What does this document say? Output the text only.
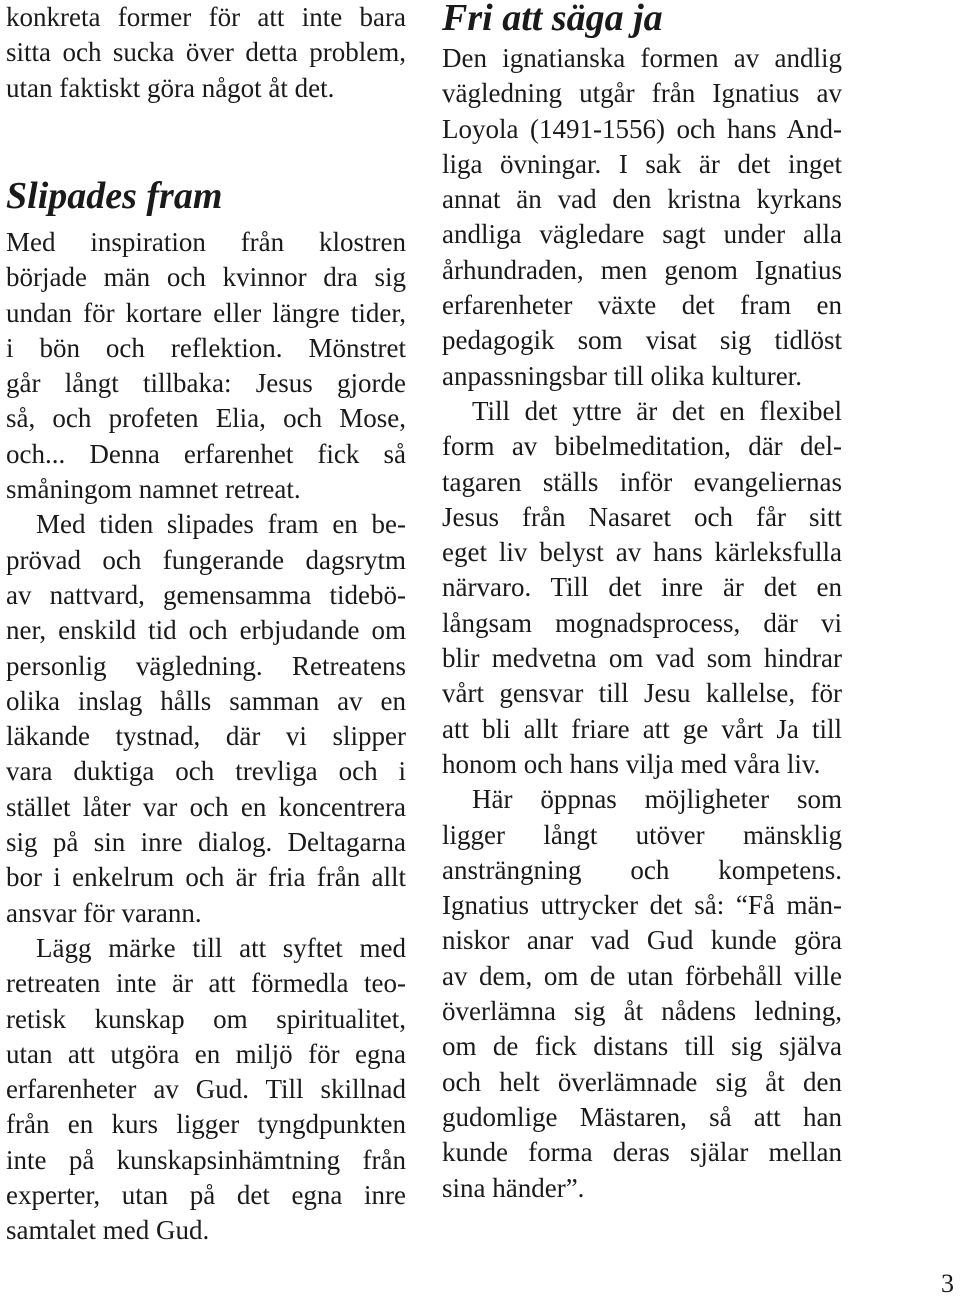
konkreta former för att inte bara
sitta och sucka över detta problem,
utan faktiskt göra något åt det.
Slipades fram
Med inspiration från klostren
började män och kvinnor dra sig
undan för kortare eller längre tider,
i bön och reflektion. Mönstret
går långt tillbaka: Jesus gjorde
så, och profeten Elia, och Mose,
och... Denna erfarenhet fick så
småningom namnet retreat.
Med tiden slipades fram en be-
prövad och fungerande dagsrytm
av nattvard, gemensamma tidebö-
ner, enskild tid och erbjudande om
personlig vägledning. Retreatens
olika inslag hålls samman av en
läkande tystnad, där vi slipper
vara duktiga och trevliga och i
stället låter var och en koncentrera
sig på sin inre dialog. Deltagarna
bor i enkelrum och är fria från allt
ansvar för varann.
Lägg märke till att syftet med
retreaten inte är att förmedla teo-
retisk kunskap om spiritualitet,
utan att utgöra en miljö för egna
erfarenheter av Gud. Till skillnad
från en kurs ligger tyngdpunkten
inte på kunskapsinhämtning från
experter, utan på det egna inre
samtalet med Gud.
Fri att säga ja
Den ignatianska formen av andlig
vägledning utgår från Ignatius av
Loyola (1491-1556) och hans And-
liga övningar. I sak är det inget
annat än vad den kristna kyrkans
andliga vägledare sagt under alla
århundraden, men genom Ignatius
erfarenheter växte det fram en
pedagogik som visat sig tidlöst
anpassningsbar till olika kulturer.
Till det yttre är det en flexibel
form av bibelmeditation, där del-
tagaren ställs inför evangeliernas
Jesus från Nasaret och får sitt
eget liv belyst av hans kärleksfulla
närvaro. Till det inre är det en
långsam mognadsprocess, där vi
blir medvetna om vad som hindrar
vårt gensvar till Jesu kallelse, för
att bli allt friare att ge vårt Ja till
honom och hans vilja med våra liv.
Här öppnas möjligheter som
ligger långt utöver mänsklig
ansträngning och kompetens.
Ignatius uttrycker det så: “Få män-
niskor anar vad Gud kunde göra
av dem, om de utan förbehåll ville
överlämna sig åt nådens ledning,
om de fick distans till sig själva
och helt överlämnade sig åt den
gudomlige Mästaren, så att han
kunde forma deras själar mellan
sina händer”.
3
